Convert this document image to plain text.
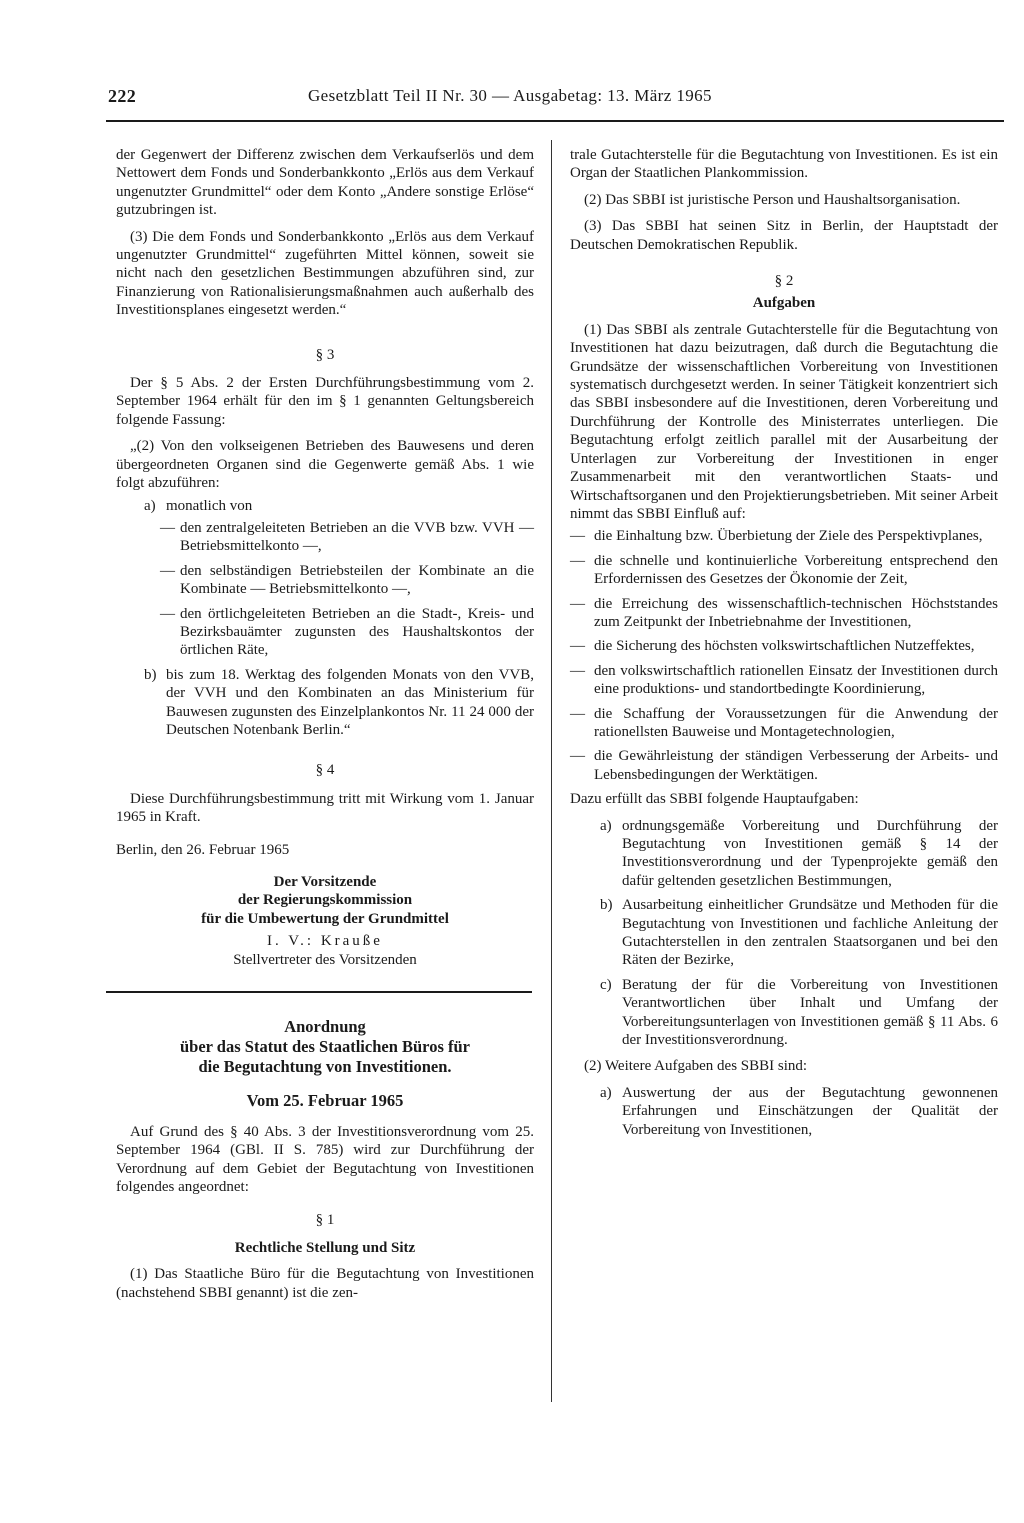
222	Gesetzblatt Teil II Nr. 30 — Ausgabetag: 13. März 1965

der Gegenwert der Differenz zwischen dem Verkaufserlös und dem Nettowert dem Fonds und Sonderbankkonto „Erlös aus dem Verkauf ungenutzter Grundmittel“ oder dem Konto „Andere sonstige Erlöse“ gutzubringen ist.

(3) Die dem Fonds und Sonderbankkonto „Erlös aus dem Verkauf ungenutzter Grundmittel“ zugeführten Mittel können, soweit sie nicht nach den gesetzlichen Bestimmungen abzuführen sind, zur Finanzierung von Rationalisierungsmaßnahmen auch außerhalb des Investitionsplanes eingesetzt werden.“

§ 3

Der § 5 Abs. 2 der Ersten Durchführungsbestimmung vom 2. September 1964 erhält für den im § 1 genannten Geltungsbereich folgende Fassung:

„(2) Von den volkseigenen Betrieben des Bauwesens und deren übergeordneten Organen sind die Gegenwerte gemäß Abs. 1 wie folgt abzuführen:

a) monatlich von
— den zentralgeleiteten Betrieben an die VVB bzw. VVH — Betriebsmittelkonto —,
— den selbständigen Betriebsteilen der Kombinate an die Kombinate — Betriebsmittelkonto —,
— den örtlichgeleiteten Betrieben an die Stadt-, Kreis- und Bezirksbauämter zugunsten des Haushaltskontos der örtlichen Räte,
b) bis zum 18. Werktag des folgenden Monats von den VVB, der VVH und den Kombinaten an das Ministerium für Bauwesen zugunsten des Einzelplankontos Nr. 11 24 000 der Deutschen Notenbank Berlin.“
§ 4

Diese Durchführungsbestimmung tritt mit Wirkung vom 1. Januar 1965 in Kraft.

Berlin, den 26. Februar 1965

Der Vorsitzende
der Regierungskommission
für die Umbewertung der Grundmittel
I. V.: Krauße
Stellvertreter des Vorsitzenden
Anordnung
über das Statut des Staatlichen Büros für
die Begutachtung von Investitionen.
Vom 25. Februar 1965

Auf Grund des § 40 Abs. 3 der Investitionsverordnung vom 25. September 1964 (GBl. II S. 785) wird zur Durchführung der Verordnung auf dem Gebiet der Begutachtung von Investitionen folgendes angeordnet:

§ 1
Rechtliche Stellung und Sitz

(1) Das Staatliche Büro für die Begutachtung von Investitionen (nachstehend SBBI genannt) ist die zen-

trale Gutachterstelle für die Begutachtung von Investitionen. Es ist ein Organ der Staatlichen Plankommission.

(2) Das SBBI ist juristische Person und Haushaltsorganisation.

(3) Das SBBI hat seinen Sitz in Berlin, der Hauptstadt der Deutschen Demokratischen Republik.

§ 2
Aufgaben

(1) Das SBBI als zentrale Gutachterstelle für die Begutachtung von Investitionen hat dazu beizutragen, daß durch die Begutachtung die Grundsätze der wissenschaftlichen Vorbereitung von Investitionen systematisch durchgesetzt werden. In seiner Tätigkeit konzentriert sich das SBBI insbesondere auf die Investitionen, deren Vorbereitung und Durchführung der Kontrolle des Ministerrates unterliegen. Die Begutachtung erfolgt zeitlich parallel mit der Ausarbeitung der Unterlagen zur Vorbereitung der Investitionen in enger Zusammenarbeit mit den verantwortlichen Staats- und Wirtschaftsorganen und den Projektierungsbetrieben. Mit seiner Arbeit nimmt das SBBI Einfluß auf:

— die Einhaltung bzw. Überbietung der Ziele des Perspektivplanes,
— die schnelle und kontinuierliche Vorbereitung entsprechend den Erfordernissen des Gesetzes der Ökonomie der Zeit,
— die Erreichung des wissenschaftlich-technischen Höchststandes zum Zeitpunkt der Inbetriebnahme der Investitionen,
— die Sicherung des höchsten volkswirtschaftlichen Nutzeffektes,
— den volkswirtschaftlich rationellen Einsatz der Investitionen durch eine produktions- und standortbedingte Koordinierung,
— die Schaffung der Voraussetzungen für die Anwendung der rationellsten Bauweise und Montagetechnologien,
— die Gewährleistung der ständigen Verbesserung der Arbeits- und Lebensbedingungen der Werktätigen.

Dazu erfüllt das SBBI folgende Hauptaufgaben:

a) ordnungsgemäße Vorbereitung und Durchführung der Begutachtung von Investitionen gemäß § 14 der Investitionsverordnung und der Typenprojekte gemäß den dafür geltenden gesetzlichen Bestimmungen,
b) Ausarbeitung einheitlicher Grundsätze und Methoden für die Begutachtung von Investitionen und fachliche Anleitung der Gutachterstellen in den zentralen Staatsorganen und bei den Räten der Bezirke,
c) Beratung der für die Vorbereitung von Investitionen Verantwortlichen über Inhalt und Umfang der Vorbereitungsunterlagen von Investitionen gemäß § 11 Abs. 6 der Investitionsverordnung.

(2) Weitere Aufgaben des SBBI sind:

a) Auswertung der aus der Begutachtung gewonnenen Erfahrungen und Einschätzungen der Qualität der Vorbereitung von Investitionen,
